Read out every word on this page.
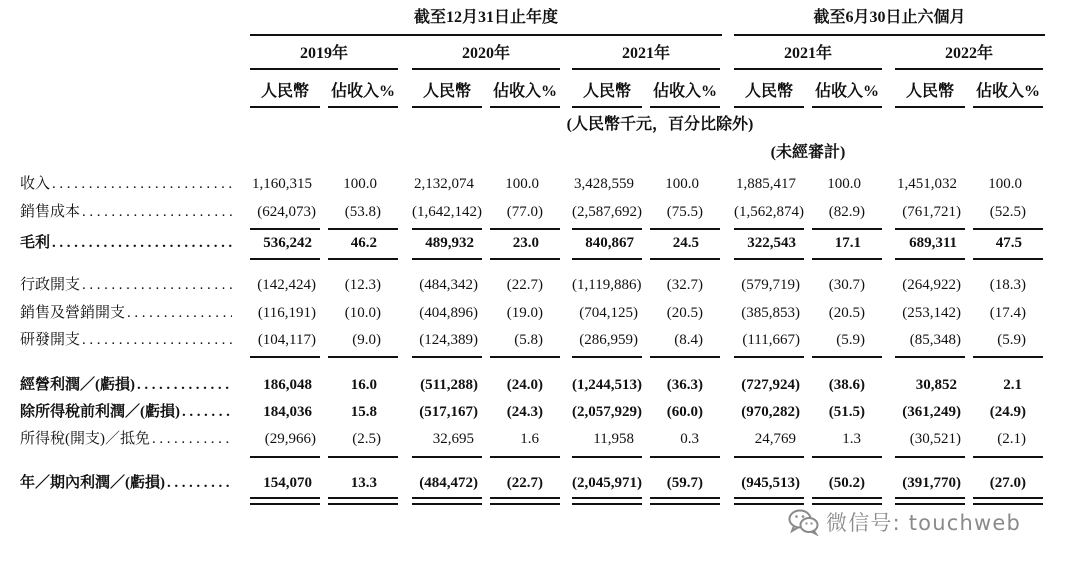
截至12月31日止年度	截至6月30日止六個月
(人民幣千元，百分比除外)
(未經審計)
微信号: touchweb
2019年
人民幣	佔收入%
2020年
人民幣	佔收入%
2021年
人民幣	佔收入%
2021年
人民幣	佔收入%
2022年
人民幣	佔收入%
收入 .....	1,160,315	100.0	2,132,074	100.0	3,428,559	100.0	1,885,417	100.0	1,451,032	100.0
銷售成本 .....	(624,073)	(53.8)	(1,642,142)	(77.0)	(2,587,692)	(75.5)	(1,562,874)	(82.9)	(761,721)	(52.5)
毛利 .....	536,242	46.2	489,932	23.0	840,867	24.5	322,543	17.1	689,311	47.5
行政開支 .....	(142,424)	(12.3)	(484,342)	(22.7)	(1,119,886)	(32.7)	(579,719)	(30.7)	(264,922)	(18.3)
銷售及營銷開支 .....	(116,191)	(10.0)	(404,896)	(19.0)	(704,125)	(20.5)	(385,853)	(20.5)	(253,142)	(17.4)
研發開支 .....	(104,117)	(9.0)	(124,389)	(5.8)	(286,959)	(8.4)	(111,667)	(5.9)	(85,348)	(5.9)
經營利潤／(虧損) .....	186,048	16.0	(511,288)	(24.0)	(1,244,513)	(36.3)	(727,924)	(38.6)	30,852	2.1
除所得稅前利潤／(虧損) .....	184,036	15.8	(517,167)	(24.3)	(2,057,929)	(60.0)	(970,282)	(51.5)	(361,249)	(24.9)
所得稅(開支)／抵免 .....	(29,966)	(2.5)	32,695	1.6	11,958	0.3	24,769	1.3	(30,521)	(2.1)
年／期內利潤／(虧損) .....	154,070	13.3	(484,472)	(22.7)	(2,045,971)	(59.7)	(945,513)	(50.2)	(391,770)	(27.0)
